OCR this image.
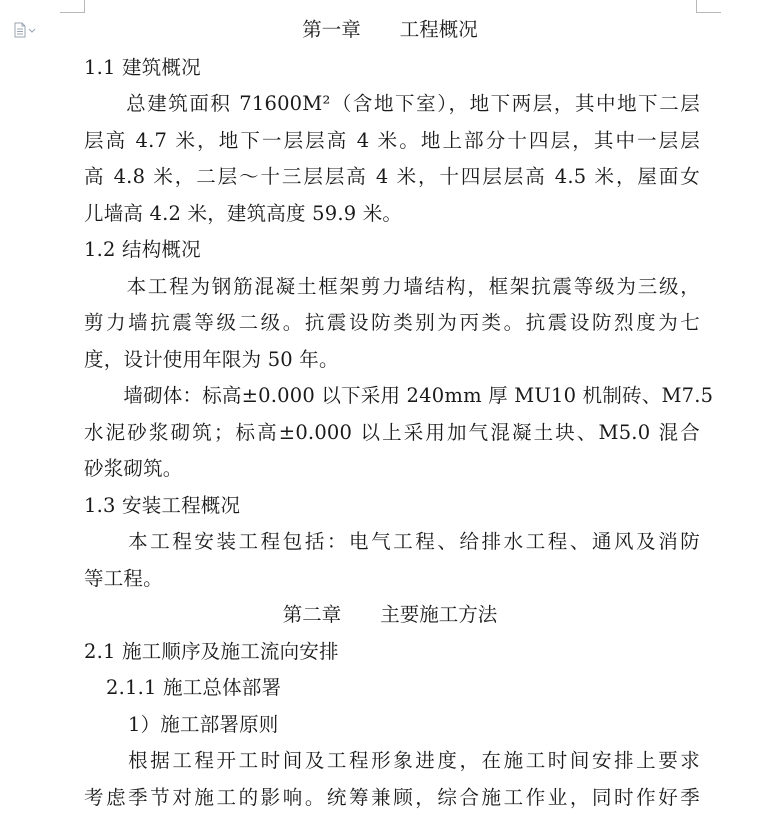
第一章　　工程概况
1.1 建筑概况
　　总建筑面积 71600M²（含地下室），地下两层，其中地下二层
层高 4.7 米，地下一层层高 4 米。地上部分十四层，其中一层层
高 4.8 米，二层～十三层层高 4 米，十四层层高 4.5 米，屋面女
儿墙高 4.2 米，建筑高度 59.9 米。
1.2 结构概况
　　本工程为钢筋混凝土框架剪力墙结构，框架抗震等级为三级，
剪力墙抗震等级二级。抗震设防类别为丙类。抗震设防烈度为七
度，设计使用年限为 50 年。
　　墙砌体：标高±0.000 以下采用 240mm 厚 MU10 机制砖、M7.5
水泥砂浆砌筑；标高±0.000 以上采用加气混凝土块、M5.0 混合
砂浆砌筑。
1.3 安装工程概况
　　本工程安装工程包括：电气工程、给排水工程、通风及消防
等工程。
第二章　　主要施工方法
2.1 施工顺序及施工流向安排
2.1.1 施工总体部署
1）施工部署原则
　　根据工程开工时间及工程形象进度，在施工时间安排上要求
考虑季节对施工的影响。统筹兼顾，综合施工作业，同时作好季
